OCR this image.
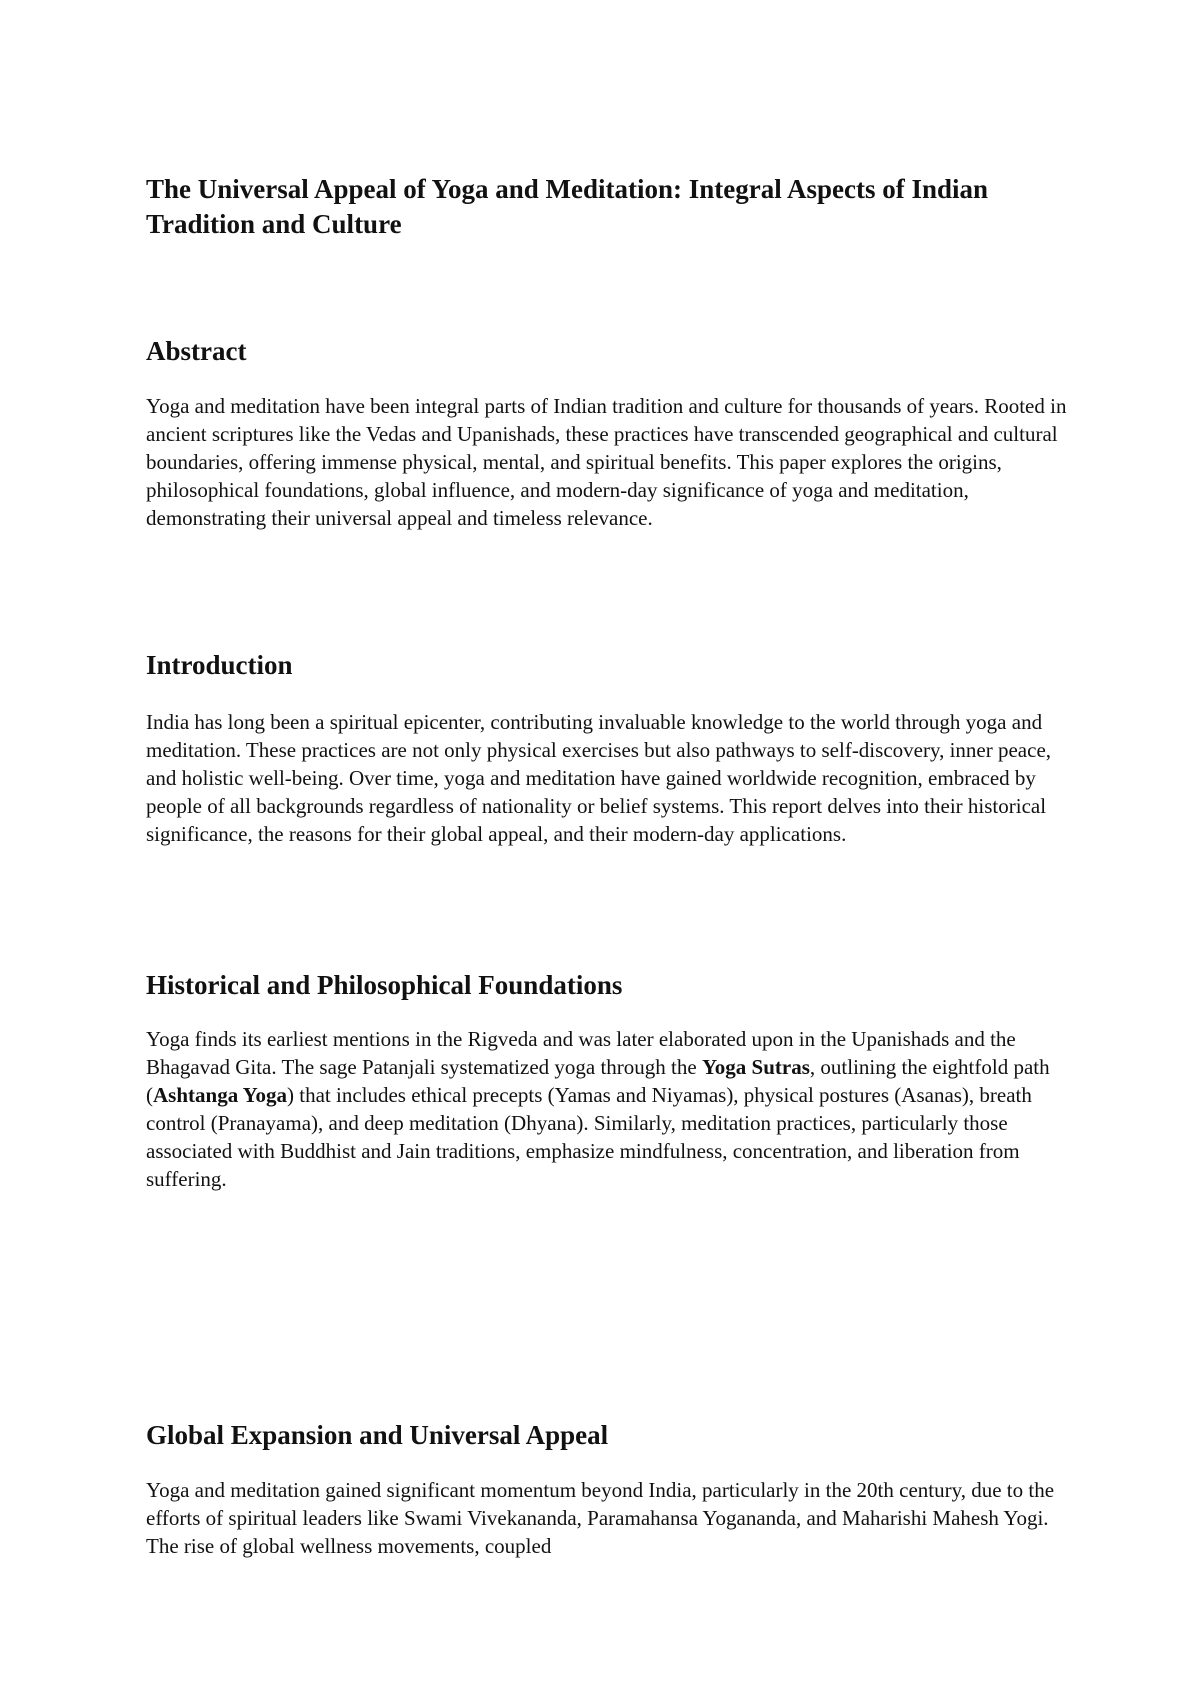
The Universal Appeal of Yoga and Meditation: Integral Aspects of Indian Tradition and Culture
Abstract

Yoga and meditation have been integral parts of Indian tradition and culture for thousands of years. Rooted in ancient scriptures like the Vedas and Upanishads, these practices have transcended geographical and cultural boundaries, offering immense physical, mental, and spiritual benefits. This paper explores the origins, philosophical foundations, global influence, and modern-day significance of yoga and meditation, demonstrating their universal appeal and timeless relevance.

Introduction

India has long been a spiritual epicenter, contributing invaluable knowledge to the world through yoga and meditation. These practices are not only physical exercises but also pathways to self-discovery, inner peace, and holistic well-being. Over time, yoga and meditation have gained worldwide recognition, embraced by people of all backgrounds regardless of nationality or belief systems. This report delves into their historical significance, the reasons for their global appeal, and their modern-day applications.

Historical and Philosophical Foundations

Yoga finds its earliest mentions in the Rigveda and was later elaborated upon in the Upanishads and the Bhagavad Gita. The sage Patanjali systematized yoga through the Yoga Sutras, outlining the eightfold path (Ashtanga Yoga) that includes ethical precepts (Yamas and Niyamas), physical postures (Asanas), breath control (Pranayama), and deep meditation (Dhyana). Similarly, meditation practices, particularly those associated with Buddhist and Jain traditions, emphasize mindfulness, concentration, and liberation from suffering.

Global Expansion and Universal Appeal

Yoga and meditation gained significant momentum beyond India, particularly in the 20th century, due to the efforts of spiritual leaders like Swami Vivekananda, Paramahansa Yogananda, and Maharishi Mahesh Yogi. The rise of global wellness movements, coupled
